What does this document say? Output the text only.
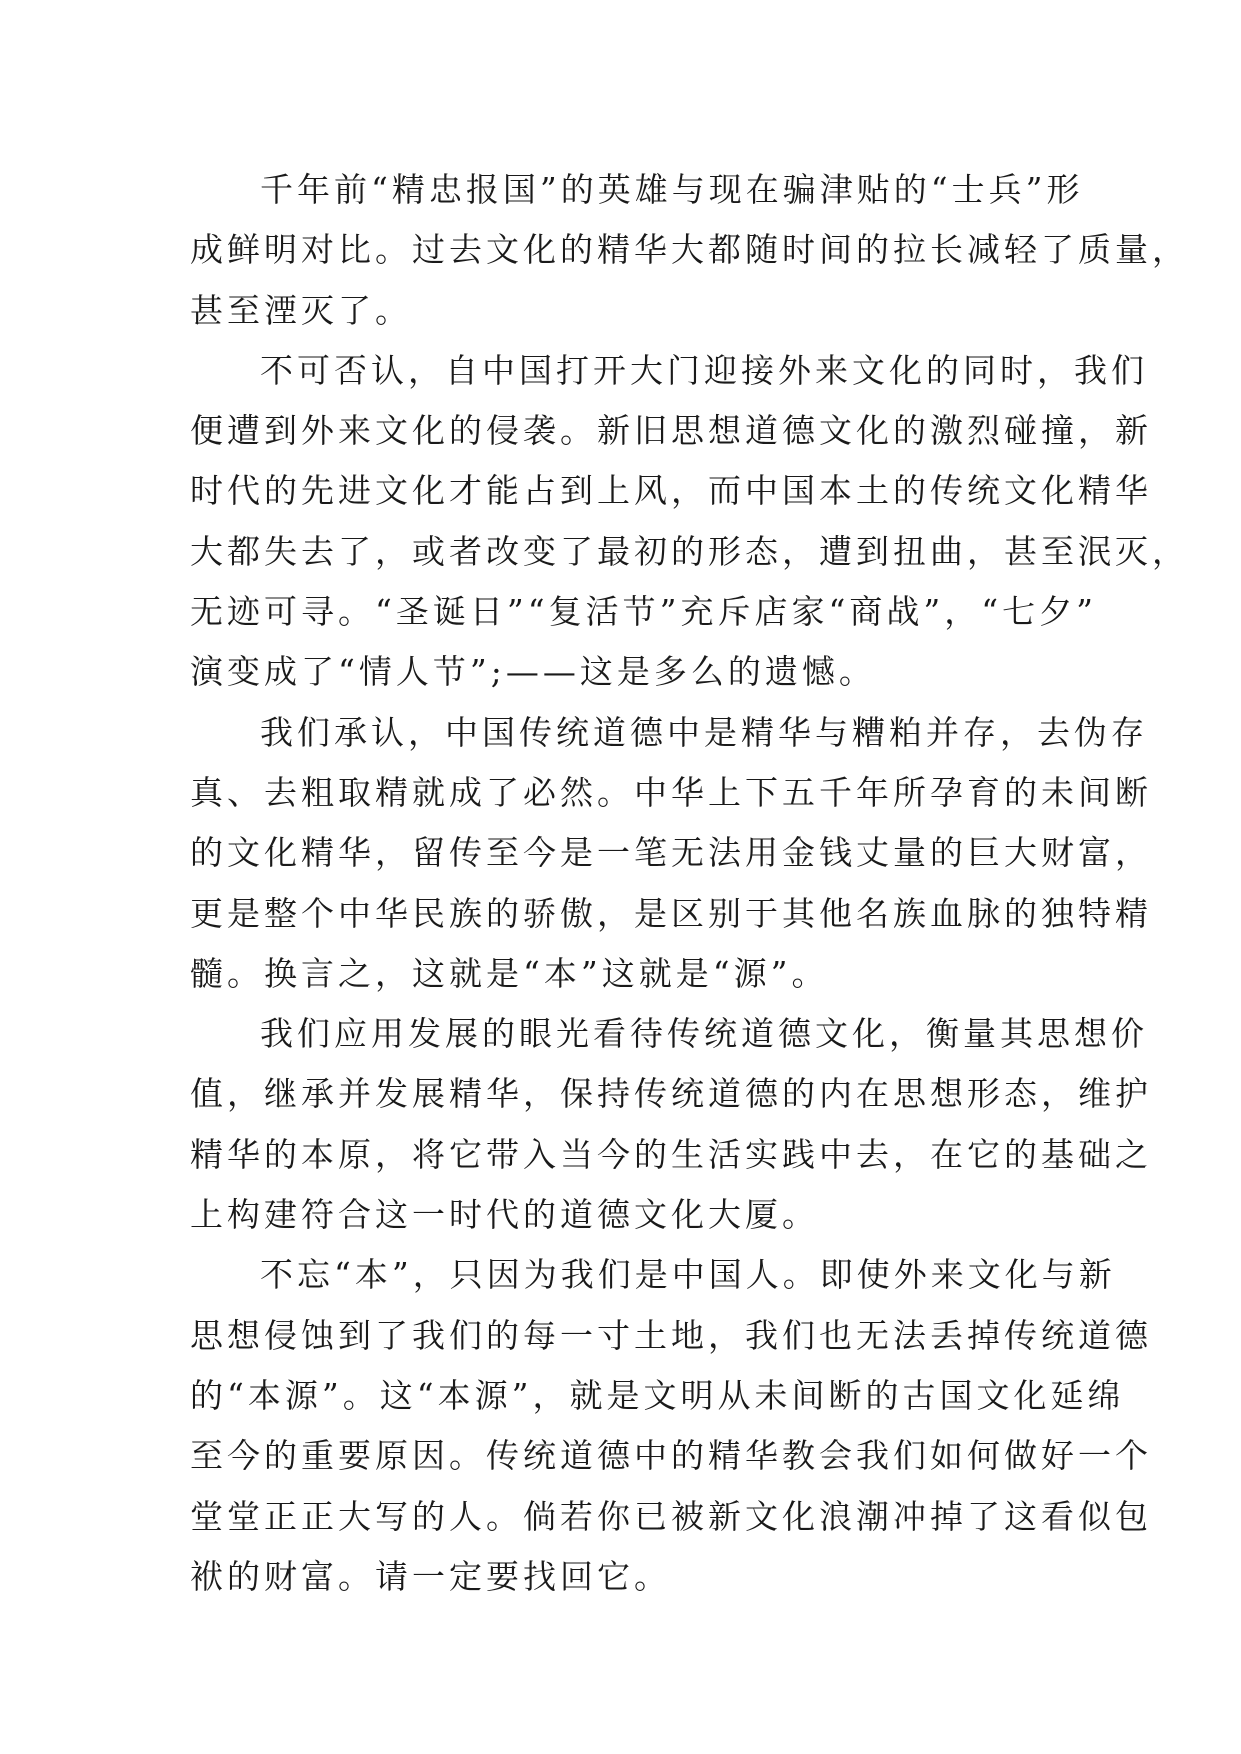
千年前“精忠报国”的英雄与现在骗津贴的“士兵”形
成鲜明对比。过去文化的精华大都随时间的拉长减轻了质量，
甚至湮灭了。

不可否认，自中国打开大门迎接外来文化的同时，我们
便遭到外来文化的侵袭。新旧思想道德文化的激烈碰撞，新
时代的先进文化才能占到上风，而中国本土的传统文化精华
大都失去了，或者改变了最初的形态，遭到扭曲，甚至泯灭，
无迹可寻。“圣诞日”“复活节”充斥店家“商战”，“七夕”
演变成了“情人节”;——这是多么的遗憾。

我们承认，中国传统道德中是精华与糟粕并存，去伪存
真、去粗取精就成了必然。中华上下五千年所孕育的未间断
的文化精华，留传至今是一笔无法用金钱丈量的巨大财富，
更是整个中华民族的骄傲，是区别于其他名族血脉的独特精
髓。换言之，这就是“本”这就是“源”。

我们应用发展的眼光看待传统道德文化，衡量其思想价
值，继承并发展精华，保持传统道德的内在思想形态，维护
精华的本原，将它带入当今的生活实践中去，在它的基础之
上构建符合这一时代的道德文化大厦。

不忘“本”，只因为我们是中国人。即使外来文化与新
思想侵蚀到了我们的每一寸土地，我们也无法丢掉传统道德
的“本源”。这“本源”，就是文明从未间断的古国文化延绵
至今的重要原因。传统道德中的精华教会我们如何做好一个
堂堂正正大写的人。倘若你已被新文化浪潮冲掉了这看似包
袱的财富。请一定要找回它。
